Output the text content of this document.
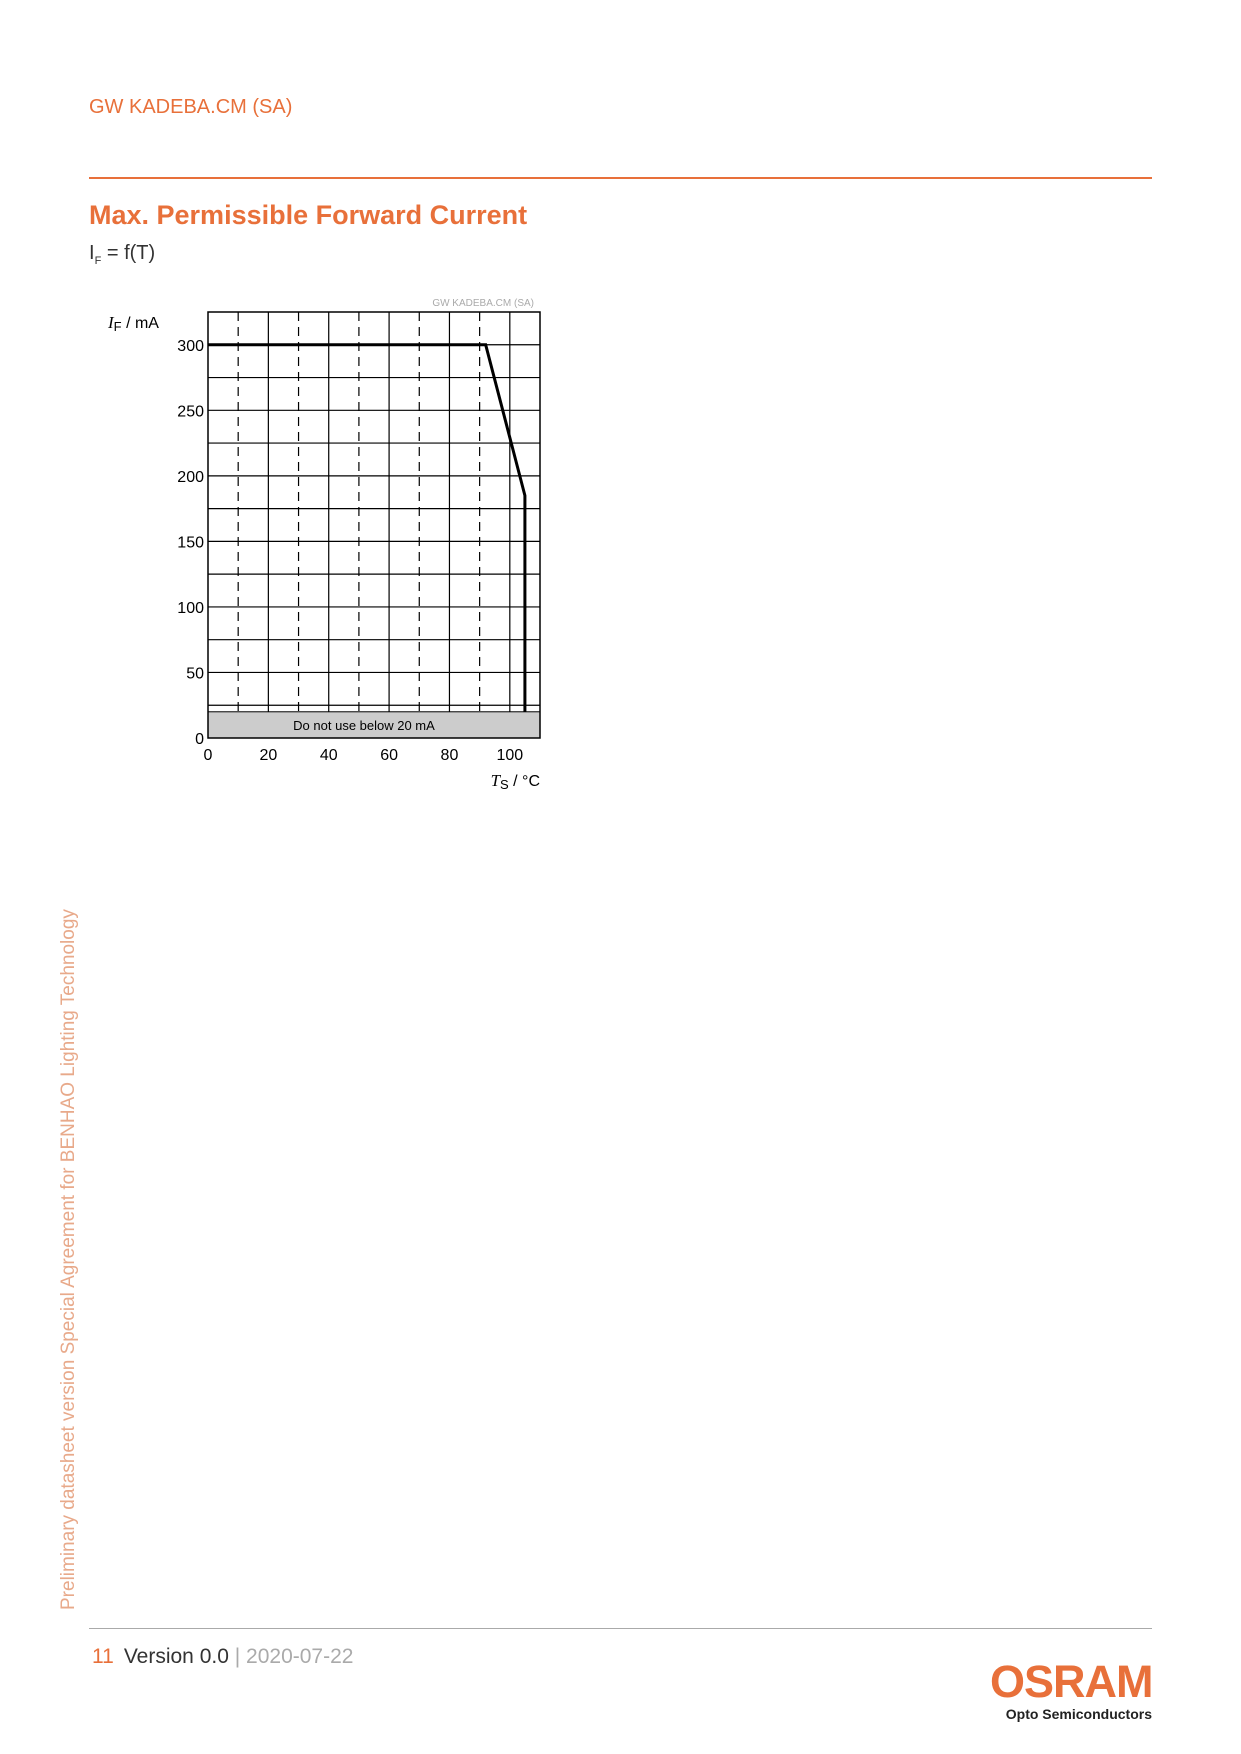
GW KADEBA.CM (SA)
Max. Permissible Forward Current
$I_F = f(T)$
Do not use below 20 mA
0
50
100
150
200
250
300
0	20	40	60	80 100
GW KADEBA.CM (SA)
IF / mA
TS / °C
Preliminary datasheet version Special Agreement for BENHAO Lighting Technology
11 Version 0.0 | 2020-07-22	OSRAM
Opto Semiconductors
